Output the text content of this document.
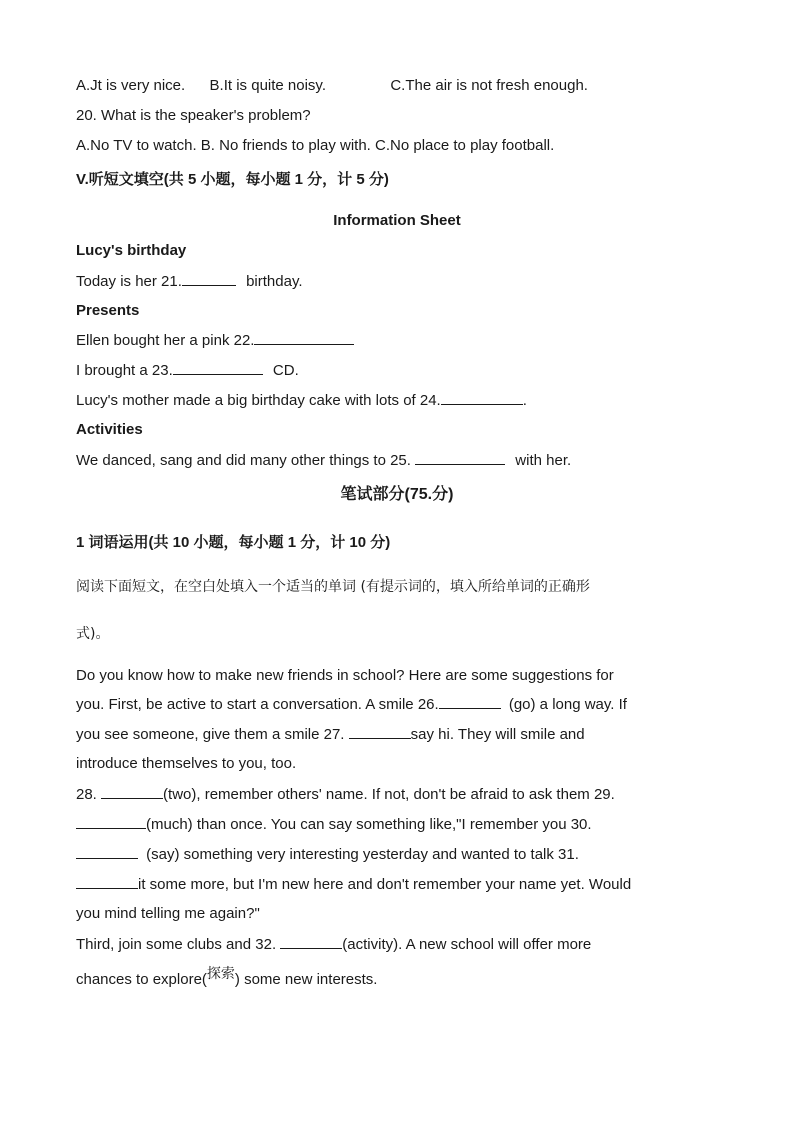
A.Jt is very nice. B.It is quite noisy.	C.The air is not fresh enough.
20. What is the speaker's problem?
A.No TV to watch. B. No friends to play with. C.No place to play football.
V.听短文填空(共 5 小题，每小题 1 分，计 5 分)
Information Sheet
Lucy's birthday
Today is her 21.	birthday.
Presents
Ellen bought her a pink 22.
I brought a 23.	CD.
Lucy's mother made a big birthday cake with lots of 24.	.
Activities
We danced, sang and did many other things to 25.	with her.
笔试部分(75.分)
1 词语运用(共 10 小题，每小题 1 分，计 10 分)
阅读下面短文，在空白处填入一个适当的单词 (有提示词的，填入所给单词的正确形
式)。
Do you know how to make new friends in school? Here are some suggestions for
you. First, be active to start a conversation. A smile 26.	(go) a long way. If
you see someone, give them a smile 27.	say hi. They will smile and
introduce themselves to you, too.
28.	(two), remember others' name. If not, don't be afraid to ask them 29.
(much) than once. You can say something like,"I remember you 30.
(say) something very interesting yesterday and wanted to talk 31.
it some more, but I'm new here and don't remember your name yet. Would
you mind telling me again?"
Third, join some clubs and 32.	(activity). A new school will offer more
chances to explore(探索) some new interests.
